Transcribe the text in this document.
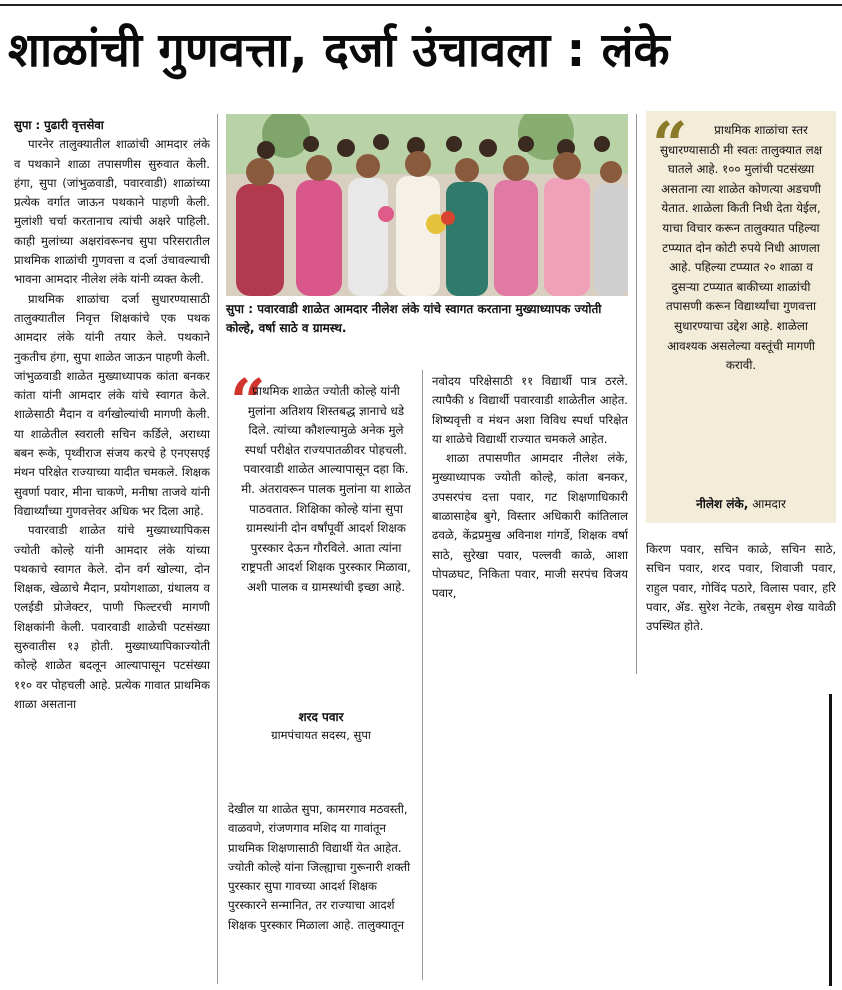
शाळांची गुणवत्ता, दर्जा उंचावला : लंके
सुपा : पुढारी वृत्तसेवा

पारनेर तालुक्यातील शाळांची आमदार लंके व पथकाने शाळा तपासणीस सुरुवात केली. हंगा, सुपा (जांभुळवाडी, पवारवाडी) शाळांच्या प्रत्येक वर्गात जाऊन पथकाने पाहणी केली. मुलांशी चर्चा करतानाच त्यांची अक्षरे पाहिली. काही मुलांच्या अक्षरांवरूनच सुपा परिसरातील प्राथमिक शाळांची गुणवत्ता व दर्जा उंचावल्याची भावना आमदार नीलेश लंके यांनी व्यक्त केली.

प्राथमिक शाळांचा दर्जा सुधारण्यासाठी तालुक्यातील निवृत्त शिक्षकांचे एक पथक आमदार लंके यांनी तयार केले. पथकाने नुकतीच हंगा, सुपा शाळेत जाऊन पाहणी केली. जांभुळवाडी शाळेत मुख्याध्यापक कांता बनकर कांता यांनी आमदार लंके यांचे स्वागत केले. शाळेसाठी मैदान व वर्गखोल्यांची मागणी केली. या शाळेतील स्वराली सचिन कर्डिले, अराध्या बबन रूके, पृथ्वीराज संजय करचे हे एनएसएई मंथन परिक्षेत राज्याच्या यादीत चमकले. शिक्षक सुवर्णा पवार, मीना चाकणे, मनीषा ताजवे यांनी विद्यार्थ्यांच्या गुणवत्तेवर अधिक भर दिला आहे.

पवारवाडी शाळेत यांचे मुख्याध्यापिकस ज्योती कोल्हे यांनी आमदार लंके यांच्या पथकाचे स्वागत केले. दोन वर्ग खोल्या, दोन शिक्षक, खेळाचे मैदान, प्रयोगशाळा, ग्रंथालय व एलईडी प्रोजेक्टर, पाणी फिल्टरची मागणी शिक्षकांनी केली. पवारवाडी शाळेची पटसंख्या सुरुवातीस १३ होती. मुख्याध्यापिकाज्योती कोल्हे शाळेत बदलून आल्यापासून पटसंख्या ११० वर पोहचली आहे. प्रत्येक गावात प्राथमिक शाळा असताना

सुपा : पवारवाडी शाळेत आमदार नीलेश लंके यांचे स्वागत करताना मुख्याध्यापक ज्योती कोल्हे, वर्षा साठे व ग्रामस्थ.
“
प्राथमिक शाळेत ज्योती कोल्हे यांनी मुलांना अतिशय शिस्तबद्ध ज्ञानाचे धडे दिले. त्यांच्या कौशल्यामुळे अनेक मुले स्पर्धा परीक्षेत राज्यपातळीवर पोहचली. पवारवाडी शाळेत आल्यापासून दहा कि. मी. अंतरावरून पालक मुलांना या शाळेत पाठवतात. शिक्षिका कोल्हे यांना सुपा ग्रामस्थांनी दोन वर्षांपूर्वी आदर्श शिक्षक पुरस्कार देऊन गौरविले. आता त्यांना राष्ट्रपती आदर्श शिक्षक पुरस्कार मिळावा, अशी पालक व ग्रामस्थांची इच्छा आहे.
शरद पवार
ग्रामपंचायत सदस्य, सुपा
देखील या शाळेत सुपा, कामरगाव मठवस्ती, वाळवणे, रांजणगाव मशिद या गावांतून प्राथमिक शिक्षणासाठी विद्यार्थी येत आहेत. ज्योती कोल्हे यांना जिल्ह्याचा गुरूनारी शक्ती पुरस्कार सुपा गावच्या आदर्श शिक्षक पुरस्कारने सन्मानित, तर राज्याचा आदर्श शिक्षक पुरस्कार मिळाला आहे. तालुक्यातून
नवोदय परिक्षेसाठी ११ विद्यार्थी पात्र ठरले. त्यापैकी ४ विद्यार्थी पवारवाडी शाळेतील आहेत. शिष्यवृत्ती व मंथन अशा विविध स्पर्धा परिक्षेत या शाळेचे विद्यार्थी राज्यात चमकले आहेत.

शाळा तपासणीत आमदार नीलेश लंके, मुख्याध्यापक ज्योती कोल्हे, कांता बनकर, उपसरपंच दत्ता पवार, गट शिक्षणाधिकारी बाळासाहेब बुगे, विस्तार अधिकारी कांतिलाल ढवळे, केंद्रप्रमुख अविनाश गांगर्डे, शिक्षक वर्षा साठे, सुरेखा पवार, पल्लवी काळे, आशा पोपळघट, निकिता पवार, माजी सरपंच विजय पवार,

“	प्राथमिक शाळांचा स्तर सुधारण्यासाठी मी स्वतः तालुक्यात लक्ष घातले आहे. १०० मुलांची पटसंख्या असताना त्या शाळेत कोणत्या अडचणी येतात. शाळेला किती निधी देता येईल, याचा विचार करून तालुक्यात पहिल्या टप्प्यात दोन कोटी रुपये निधी आणला आहे. पहिल्या टप्प्यात २० शाळा व दुसऱ्या टप्प्यात बाकीच्या शाळांची तपासणी करून विद्यार्थ्यांचा गुणवत्ता सुधारण्याचा उद्देश आहे. शाळेला आवश्यक असलेल्या वस्तूंची मागणी करावी.
नीलेश लंके, आमदार
किरण पवार, सचिन काळे, सचिन साठे, सचिन पवार, शरद पवार, शिवाजी पवार, राहुल पवार, गोविंद पठारे, विलास पवार, हरि पवार, ॲड. सुरेश नेटके, तबसुम शेख यावेळी उपस्थित होते.
